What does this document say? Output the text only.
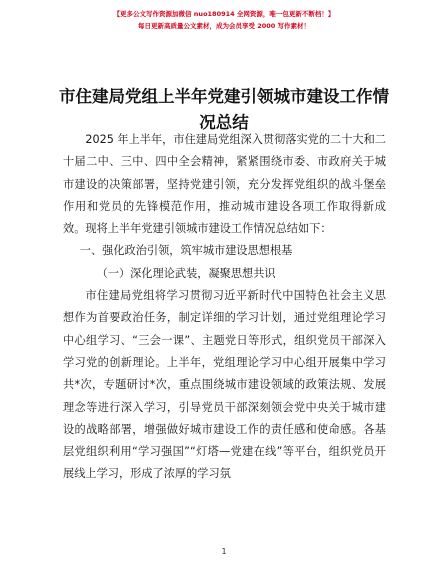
【更多公文写作资源加微信 nuo180914 全网资源，唯一包更新不断档！】
每日更新高质量公文素材，成为会员享受 2000 写作素材！
市住建局党组上半年党建引领城市建设工作情况总结

2025 年上半年，市住建局党组深入贯彻落实党的二十大和二十届二中、三中、四中全会精神，紧紧围绕市委、市政府关于城市建设的决策部署，坚持党建引领，充分发挥党组织的战斗堡垒作用和党员的先锋模范作用，推动城市建设各项工作取得新成效。现将上半年党建引领城市建设工作情况总结如下：

一、强化政治引领，筑牢城市建设思想根基

（一）深化理论武装，凝聚思想共识

市住建局党组将学习贯彻习近平新时代中国特色社会主义思想作为首要政治任务，制定详细的学习计划，通过党组理论学习中心组学习、“三会一课”、主题党日等形式，组织党员干部深入学习党的创新理论。上半年，党组理论学习中心组开展集中学习共*次，专题研讨*次，重点围绕城市建设领域的政策法规、发展理念等进行深入学习，引导党员干部深刻领会党中央关于城市建设的战略部署，增强做好城市建设工作的责任感和使命感。各基层党组织利用“学习强国”“灯塔—党建在线”等平台，组织党员开展线上学习，形成了浓厚的学习氛

1
